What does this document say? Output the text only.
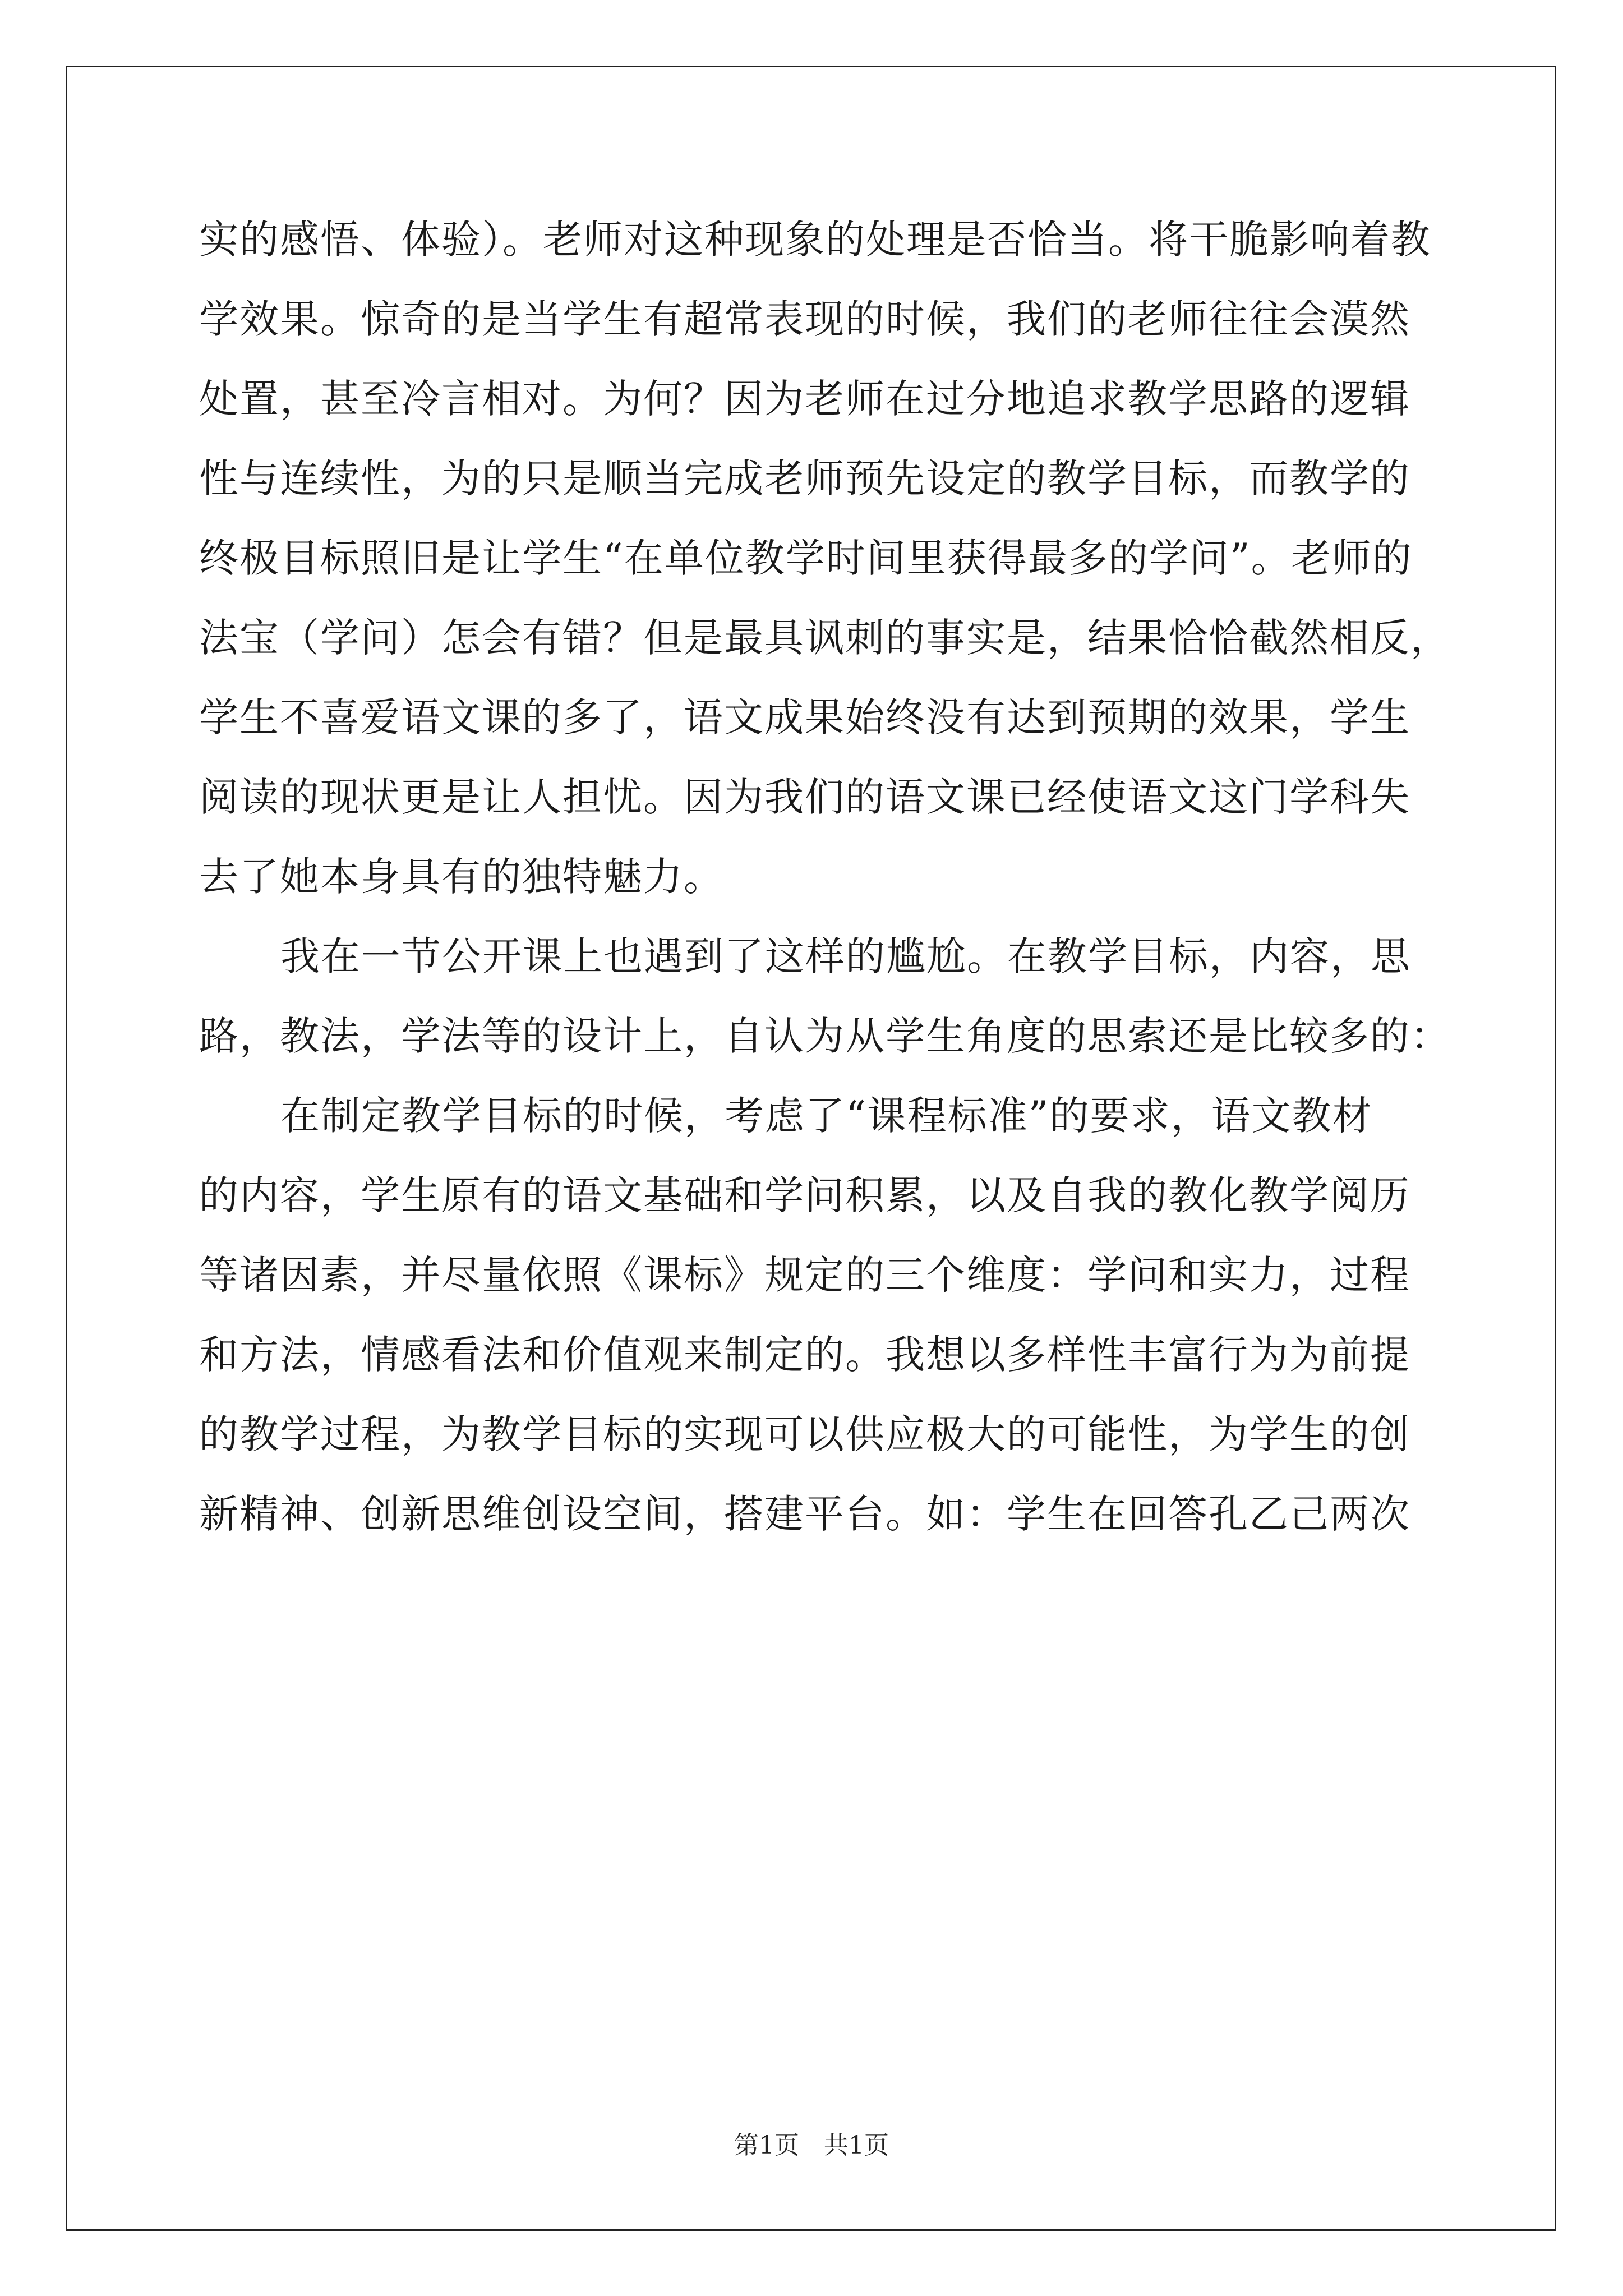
实的感悟、体验）。老师对这种现象的处理是否恰当。将干脆影响着教
学效果。惊奇的是当学生有超常表现的时候，我们的老师往往会漠然
处置，甚至冷言相对。为何？因为老师在过分地追求教学思路的逻辑
性与连续性，为的只是顺当完成老师预先设定的教学目标，而教学的
终极目标照旧是让学生“在单位教学时间里获得最多的学问”。老师的
法宝（学问）怎会有错？但是最具讽刺的事实是，结果恰恰截然相反，
学生不喜爱语文课的多了，语文成果始终没有达到预期的效果，学生
阅读的现状更是让人担忧。因为我们的语文课已经使语文这门学科失
去了她本身具有的独特魅力。
我在一节公开课上也遇到了这样的尴尬。在教学目标，内容，思
路，教法，学法等的设计上，自认为从学生角度的思索还是比较多的：
在制定教学目标的时候，考虑了“课程标准”的要求，语文教材
的内容，学生原有的语文基础和学问积累，以及自我的教化教学阅历
等诸因素，并尽量依照《课标》规定的三个维度：学问和实力，过程
和方法，情感看法和价值观来制定的。我想以多样性丰富行为为前提
的教学过程，为教学目标的实现可以供应极大的可能性，为学生的创
新精神、创新思维创设空间，搭建平台。如：学生在回答孔乙己两次
第1页　共1页
